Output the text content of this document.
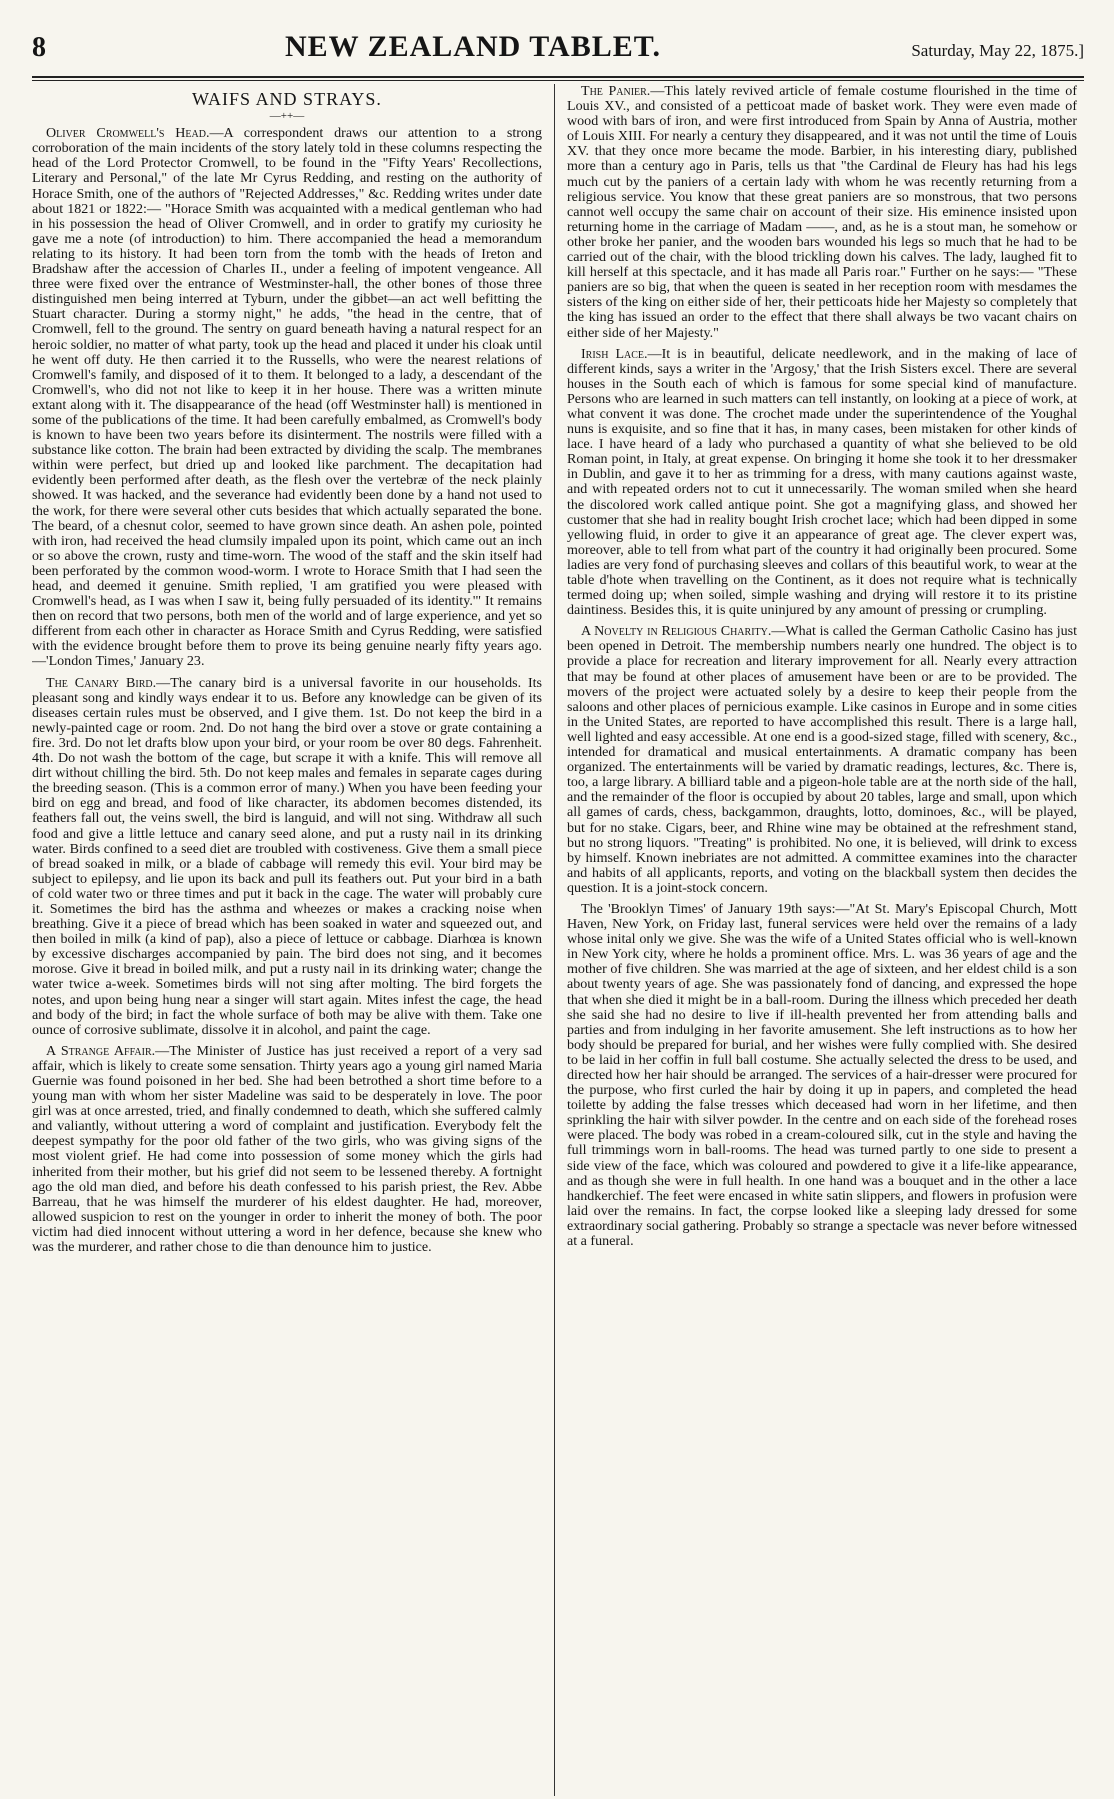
8	NEW ZEALAND TABLET.	Saturday, May 22, 1875.]
WAIFS AND STRAYS.
—++—

Oliver Cromwell's Head.—A correspondent draws our attention to a strong corroboration of the main incidents of the story lately told in these columns respecting the head of the Lord Protector Cromwell, to be found in the "Fifty Years' Recollections, Literary and Personal," of the late Mr Cyrus Redding, and resting on the authority of Horace Smith, one of the authors of "Rejected Addresses," &c. Redding writes under date about 1821 or 1822:— "Horace Smith was acquainted with a medical gentleman who had in his possession the head of Oliver Cromwell, and in order to gratify my curiosity he gave me a note (of introduction) to him. There accompanied the head a memorandum relating to its history. It had been torn from the tomb with the heads of Ireton and Bradshaw after the accession of Charles II., under a feeling of impotent vengeance. All three were fixed over the entrance of Westminster-hall, the other bones of those three distinguished men being interred at Tyburn, under the gibbet—an act well befitting the Stuart character. During a stormy night," he adds, "the head in the centre, that of Cromwell, fell to the ground. The sentry on guard beneath having a natural respect for an heroic soldier, no matter of what party, took up the head and placed it under his cloak until he went off duty. He then carried it to the Russells, who were the nearest relations of Cromwell's family, and disposed of it to them. It belonged to a lady, a descendant of the Cromwell's, who did not not like to keep it in her house. There was a written minute extant along with it. The disappearance of the head (off Westminster hall) is mentioned in some of the publications of the time. It had been carefully embalmed, as Cromwell's body is known to have been two years before its disinterment. The nostrils were filled with a substance like cotton. The brain had been extracted by dividing the scalp. The membranes within were perfect, but dried up and looked like parchment. The decapitation had evidently been performed after death, as the flesh over the vertebræ of the neck plainly showed. It was hacked, and the severance had evidently been done by a hand not used to the work, for there were several other cuts besides that which actually separated the bone. The beard, of a chesnut color, seemed to have grown since death. An ashen pole, pointed with iron, had received the head clumsily impaled upon its point, which came out an inch or so above the crown, rusty and time-worn. The wood of the staff and the skin itself had been perforated by the common wood-worm. I wrote to Horace Smith that I had seen the head, and deemed it genuine. Smith replied, 'I am gratified you were pleased with Cromwell's head, as I was when I saw it, being fully persuaded of its identity.'" It remains then on record that two persons, both men of the world and of large experience, and yet so different from each other in character as Horace Smith and Cyrus Redding, were satisfied with the evidence brought before them to prove its being genuine nearly fifty years ago.—'London Times,' January 23.

The Canary Bird.—The canary bird is a universal favorite in our households. Its pleasant song and kindly ways endear it to us. Before any knowledge can be given of its diseases certain rules must be observed, and I give them. 1st. Do not keep the bird in a newly-painted cage or room. 2nd. Do not hang the bird over a stove or grate containing a fire. 3rd. Do not let drafts blow upon your bird, or your room be over 80 degs. Fahrenheit. 4th. Do not wash the bottom of the cage, but scrape it with a knife. This will remove all dirt without chilling the bird. 5th. Do not keep males and females in separate cages during the breeding season. (This is a common error of many.) When you have been feeding your bird on egg and bread, and food of like character, its abdomen becomes distended, its feathers fall out, the veins swell, the bird is languid, and will not sing. Withdraw all such food and give a little lettuce and canary seed alone, and put a rusty nail in its drinking water. Birds confined to a seed diet are troubled with costiveness. Give them a small piece of bread soaked in milk, or a blade of cabbage will remedy this evil. Your bird may be subject to epilepsy, and lie upon its back and pull its feathers out. Put your bird in a bath of cold water two or three times and put it back in the cage. The water will probably cure it. Sometimes the bird has the asthma and wheezes or makes a cracking noise when breathing. Give it a piece of bread which has been soaked in water and squeezed out, and then boiled in milk (a kind of pap), also a piece of lettuce or cabbage. Diarhœa is known by excessive discharges accompanied by pain. The bird does not sing, and it becomes morose. Give it bread in boiled milk, and put a rusty nail in its drinking water; change the water twice a-week. Sometimes birds will not sing after molting. The bird forgets the notes, and upon being hung near a singer will start again. Mites infest the cage, the head and body of the bird; in fact the whole surface of both may be alive with them. Take one ounce of corrosive sublimate, dissolve it in alcohol, and paint the cage.

A Strange Affair.—The Minister of Justice has just received a report of a very sad affair, which is likely to create some sensation. Thirty years ago a young girl named Maria Guernie was found poisoned in her bed. She had been betrothed a short time before to a young man with whom her sister Madeline was said to be desperately in love. The poor girl was at once arrested, tried, and finally condemned to death, which she suffered calmly and valiantly, without uttering a word of complaint and justification. Everybody felt the deepest sympathy for the poor old father of the two girls, who was giving signs of the most violent grief. He had come into possession of some money which the girls had inherited from their mother, but his grief did not seem to be lessened thereby. A fortnight ago the old man died, and before his death confessed to his parish priest, the Rev. Abbe Barreau, that he was himself the murderer of his eldest daughter. He had, moreover, allowed suspicion to rest on the younger in order to inherit the money of both. The poor victim had died innocent without uttering a word in her defence, because she knew who was the murderer, and rather chose to die than denounce him to justice.

The Panier.—This lately revived article of female costume flourished in the time of Louis XV., and consisted of a petticoat made of basket work. They were even made of wood with bars of iron, and were first introduced from Spain by Anna of Austria, mother of Louis XIII. For nearly a century they disappeared, and it was not until the time of Louis XV. that they once more became the mode. Barbier, in his interesting diary, published more than a century ago in Paris, tells us that "the Cardinal de Fleury has had his legs much cut by the paniers of a certain lady with whom he was recently returning from a religious service. You know that these great paniers are so monstrous, that two persons cannot well occupy the same chair on account of their size. His eminence insisted upon returning home in the carriage of Madam ——, and, as he is a stout man, he somehow or other broke her panier, and the wooden bars wounded his legs so much that he had to be carried out of the chair, with the blood trickling down his calves. The lady, laughed fit to kill herself at this spectacle, and it has made all Paris roar." Further on he says:— "These paniers are so big, that when the queen is seated in her reception room with mesdames the sisters of the king on either side of her, their petticoats hide her Majesty so completely that the king has issued an order to the effect that there shall always be two vacant chairs on either side of her Majesty."

Irish Lace.—It is in beautiful, delicate needlework, and in the making of lace of different kinds, says a writer in the 'Argosy,' that the Irish Sisters excel. There are several houses in the South each of which is famous for some special kind of manufacture. Persons who are learned in such matters can tell instantly, on looking at a piece of work, at what convent it was done. The crochet made under the superintendence of the Youghal nuns is exquisite, and so fine that it has, in many cases, been mistaken for other kinds of lace. I have heard of a lady who purchased a quantity of what she believed to be old Roman point, in Italy, at great expense. On bringing it home she took it to her dressmaker in Dublin, and gave it to her as trimming for a dress, with many cautions against waste, and with repeated orders not to cut it unnecessarily. The woman smiled when she heard the discolored work called antique point. She got a magnifying glass, and showed her customer that she had in reality bought Irish crochet lace; which had been dipped in some yellowing fluid, in order to give it an appearance of great age. The clever expert was, moreover, able to tell from what part of the country it had originally been procured. Some ladies are very fond of purchasing sleeves and collars of this beautiful work, to wear at the table d'hote when travelling on the Continent, as it does not require what is technically termed doing up; when soiled, simple washing and drying will restore it to its pristine daintiness. Besides this, it is quite uninjured by any amount of pressing or crumpling.

A Novelty in Religious Charity.—What is called the German Catholic Casino has just been opened in Detroit. The membership numbers nearly one hundred. The object is to provide a place for recreation and literary improvement for all. Nearly every attraction that may be found at other places of amusement have been or are to be provided. The movers of the project were actuated solely by a desire to keep their people from the saloons and other places of pernicious example. Like casinos in Europe and in some cities in the United States, are reported to have accomplished this result. There is a large hall, well lighted and easy accessible. At one end is a good-sized stage, filled with scenery, &c., intended for dramatical and musical entertainments. A dramatic company has been organized. The entertainments will be varied by dramatic readings, lectures, &c. There is, too, a large library. A billiard table and a pigeon-hole table are at the north side of the hall, and the remainder of the floor is occupied by about 20 tables, large and small, upon which all games of cards, chess, backgammon, draughts, lotto, dominoes, &c., will be played, but for no stake. Cigars, beer, and Rhine wine may be obtained at the refreshment stand, but no strong liquors. "Treating" is prohibited. No one, it is believed, will drink to excess by himself. Known inebriates are not admitted. A committee examines into the character and habits of all applicants, reports, and voting on the blackball system then decides the question. It is a joint-stock concern.

The 'Brooklyn Times' of January 19th says:—"At St. Mary's Episcopal Church, Mott Haven, New York, on Friday last, funeral services were held over the remains of a lady whose inital only we give. She was the wife of a United States official who is well-known in New York city, where he holds a prominent office. Mrs. L. was 36 years of age and the mother of five children. She was married at the age of sixteen, and her eldest child is a son about twenty years of age. She was passionately fond of dancing, and expressed the hope that when she died it might be in a ball-room. During the illness which preceded her death she said she had no desire to live if ill-health prevented her from attending balls and parties and from indulging in her favorite amusement. She left instructions as to how her body should be prepared for burial, and her wishes were fully complied with. She desired to be laid in her coffin in full ball costume. She actually selected the dress to be used, and directed how her hair should be arranged. The services of a hair-dresser were procured for the purpose, who first curled the hair by doing it up in papers, and completed the head toilette by adding the false tresses which deceased had worn in her lifetime, and then sprinkling the hair with silver powder. In the centre and on each side of the forehead roses were placed. The body was robed in a cream-coloured silk, cut in the style and having the full trimmings worn in ball-rooms. The head was turned partly to one side to present a side view of the face, which was coloured and powdered to give it a life-like appearance, and as though she were in full health. In one hand was a bouquet and in the other a lace handkerchief. The feet were encased in white satin slippers, and flowers in profusion were laid over the remains. In fact, the corpse looked like a sleeping lady dressed for some extraordinary social gathering. Probably so strange a spectacle was never before witnessed at a funeral.
